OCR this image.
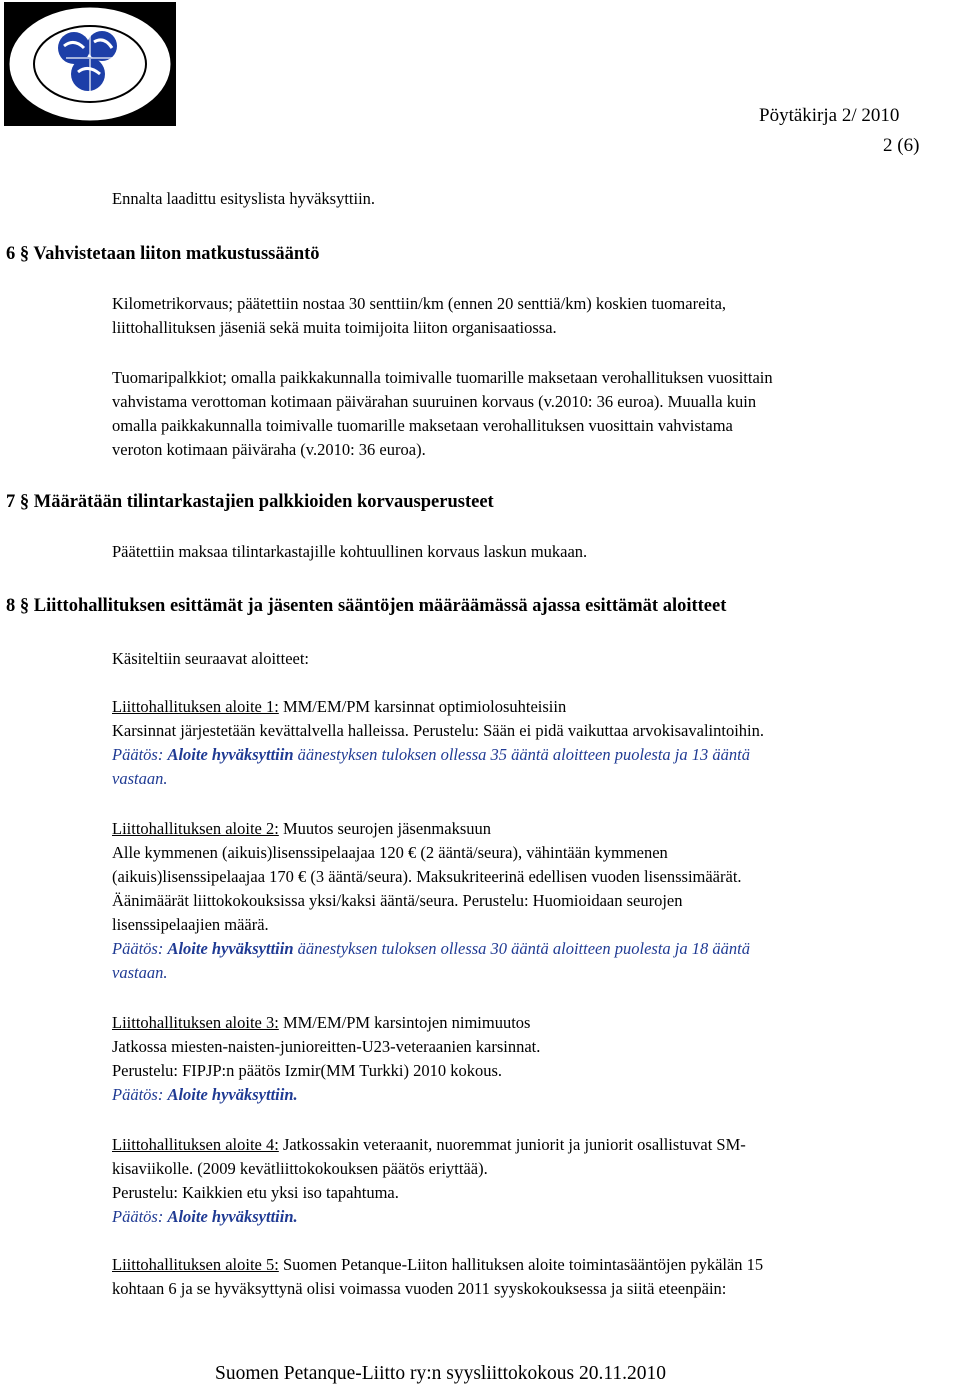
Pöytäkirja 2/ 2010
2 (6)
Ennalta laadittu esityslista hyväksyttiin.
6 § Vahvistetaan liiton matkustussääntö
Kilometrikorvaus; päätettiin nostaa 30 senttiin/km (ennen 20 senttiä/km) koskien tuomareita,
liittohallituksen jäseniä sekä muita toimijoita liiton organisaatiossa.
Tuomaripalkkiot; omalla paikkakunnalla toimivalle tuomarille maksetaan verohallituksen vuosittain
vahvistama verottoman kotimaan päivärahan suuruinen korvaus (v.2010: 36 euroa). Muualla kuin
omalla paikkakunnalla toimivalle tuomarille maksetaan verohallituksen vuosittain vahvistama
veroton kotimaan päiväraha (v.2010: 36 euroa).
7 § Määrätään tilintarkastajien palkkioiden korvausperusteet
Päätettiin maksaa tilintarkastajille kohtuullinen korvaus laskun mukaan.
8 § Liittohallituksen esittämät ja jäsenten sääntöjen määräämässä ajassa esittämät aloitteet
Käsiteltiin seuraavat aloitteet:
Liittohallituksen aloite 1: MM/EM/PM karsinnat optimiolosuhteisiin
Karsinnat järjestetään kevättalvella halleissa. Perustelu: Sään ei pidä vaikuttaa arvokisavalintoihin.
Päätös: Aloite hyväksyttiin äänestyksen tuloksen ollessa 35 ääntä aloitteen puolesta ja 13 ääntä
vastaan.
Liittohallituksen aloite 2: Muutos seurojen jäsenmaksuun
Alle kymmenen (aikuis)lisenssipelaajaa 120 € (2 ääntä/seura), vähintään kymmenen
(aikuis)lisenssipelaajaa 170 € (3 ääntä/seura). Maksukriteerinä edellisen vuoden lisenssimäärät.
Äänimäärät liittokokouksissa yksi/kaksi ääntä/seura. Perustelu: Huomioidaan seurojen
lisenssipelaajien määrä.
Päätös: Aloite hyväksyttiin äänestyksen tuloksen ollessa 30 ääntä aloitteen puolesta ja 18 ääntä
vastaan.
Liittohallituksen aloite 3: MM/EM/PM karsintojen nimimuutos
Jatkossa miesten-naisten-junioreitten-U23-veteraanien karsinnat.
Perustelu: FIPJP:n päätös Izmir(MM Turkki) 2010 kokous.
Päätös: Aloite hyväksyttiin.
Liittohallituksen aloite 4: Jatkossakin veteraanit, nuoremmat juniorit ja juniorit osallistuvat SM-
kisaviikolle. (2009 kevätliittokokouksen päätös eriyttää).
Perustelu: Kaikkien etu yksi iso tapahtuma.
Päätös: Aloite hyväksyttiin.
Liittohallituksen aloite 5: Suomen Petanque-Liiton hallituksen aloite toimintasääntöjen pykälän 15
kohtaan 6 ja se hyväksyttynä olisi voimassa vuoden 2011 syyskokouksessa ja siitä eteenpäin:
Suomen Petanque-Liitto ry:n syysliittokokous 20.11.2010
